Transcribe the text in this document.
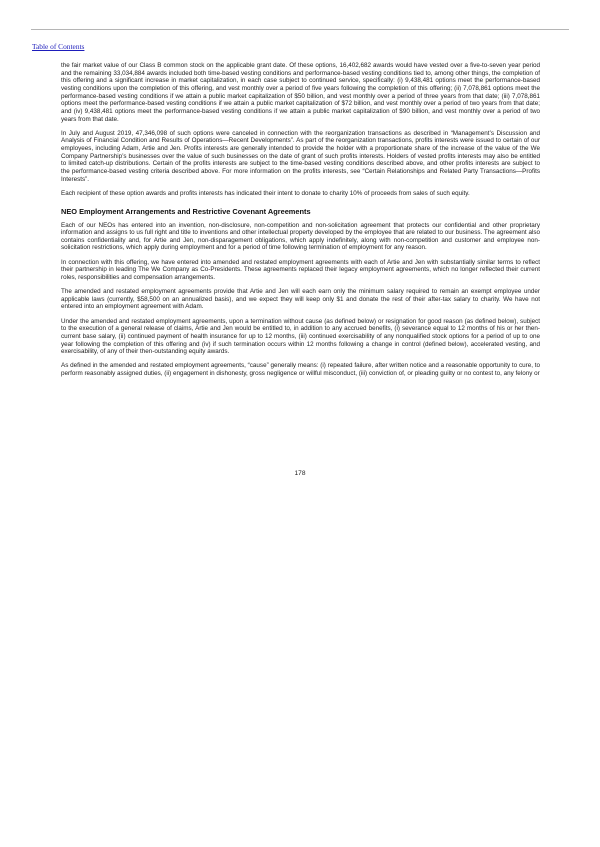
Table of Contents

the fair market value of our Class B common stock on the applicable grant date. Of these options, 16,402,682 awards would have vested over a five-to-seven year period and the remaining 33,034,884 awards included both time-based vesting conditions and performance-based vesting conditions tied to, among other things, the completion of this offering and a significant increase in market capitalization, in each case subject to continued service, specifically: (i) 9,438,481 options meet the performance-based vesting conditions upon the completion of this offering, and vest monthly over a period of five years following the completion of this offering; (ii) 7,078,861 options meet the performance-based vesting conditions if we attain a public market capitalization of $50 billion, and vest monthly over a period of three years from that date; (iii) 7,078,861 options meet the performance-based vesting conditions if we attain a public market capitalization of $72 billion, and vest monthly over a period of two years from that date; and (iv) 9,438,481 options meet the performance-based vesting conditions if we attain a public market capitalization of $90 billion, and vest monthly over a period of two years from that date.

In July and August 2019, 47,346,098 of such options were canceled in connection with the reorganization transactions as described in “Management’s Discussion and Analysis of Financial Condition and Results of Operations—Recent Developments”. As part of the reorganization transactions, profits interests were issued to certain of our employees, including Adam, Artie and Jen. Profits interests are generally intended to provide the holder with a proportionate share of the increase of the value of the We Company Partnership’s businesses over the value of such businesses on the date of grant of such profits interests. Holders of vested profits interests may also be entitled to limited catch-up distributions. Certain of the profits interests are subject to the time-based vesting conditions described above, and other profits interests are subject to the performance-based vesting criteria described above. For more information on the profits interests, see “Certain Relationships and Related Party Transactions—Profits Interests”.

Each recipient of these option awards and profits interests has indicated their intent to donate to charity 10% of proceeds from sales of such equity.

NEO Employment Arrangements and Restrictive Covenant Agreements

Each of our NEOs has entered into an invention, non-disclosure, non-competition and non-solicitation agreement that protects our confidential and other proprietary information and assigns to us full right and title to inventions and other intellectual property developed by the employee that are related to our business. The agreement also contains confidentiality and, for Artie and Jen, non-disparagement obligations, which apply indefinitely, along with non-competition and customer and employee non-solicitation restrictions, which apply during employment and for a period of time following termination of employment for any reason.

In connection with this offering, we have entered into amended and restated employment agreements with each of Artie and Jen with substantially similar terms to reflect their partnership in leading The We Company as Co-Presidents. These agreements replaced their legacy employment agreements, which no longer reflected their current roles, responsibilities and compensation arrangements.

The amended and restated employment agreements provide that Artie and Jen will each earn only the minimum salary required to remain an exempt employee under applicable laws (currently, $58,500 on an annualized basis), and we expect they will keep only $1 and donate the rest of their after-tax salary to charity. We have not entered into an employment agreement with Adam.

Under the amended and restated employment agreements, upon a termination without cause (as defined below) or resignation for good reason (as defined below), subject to the execution of a general release of claims, Artie and Jen would be entitled to, in addition to any accrued benefits, (i) severance equal to 12 months of his or her then-current base salary, (ii) continued payment of health insurance for up to 12 months, (iii) continued exercisability of any nonqualified stock options for a period of up to one year following the completion of this offering and (iv) if such termination occurs within 12 months following a change in control (defined below), accelerated vesting, and exercisability, of any of their then-outstanding equity awards.

As defined in the amended and restated employment agreements, “cause” generally means: (i) repeated failure, after written notice and a reasonable opportunity to cure, to perform reasonably assigned duties, (ii) engagement in dishonesty, gross negligence or willful misconduct, (iii) conviction of, or pleading guilty or no contest to, any felony or

178
